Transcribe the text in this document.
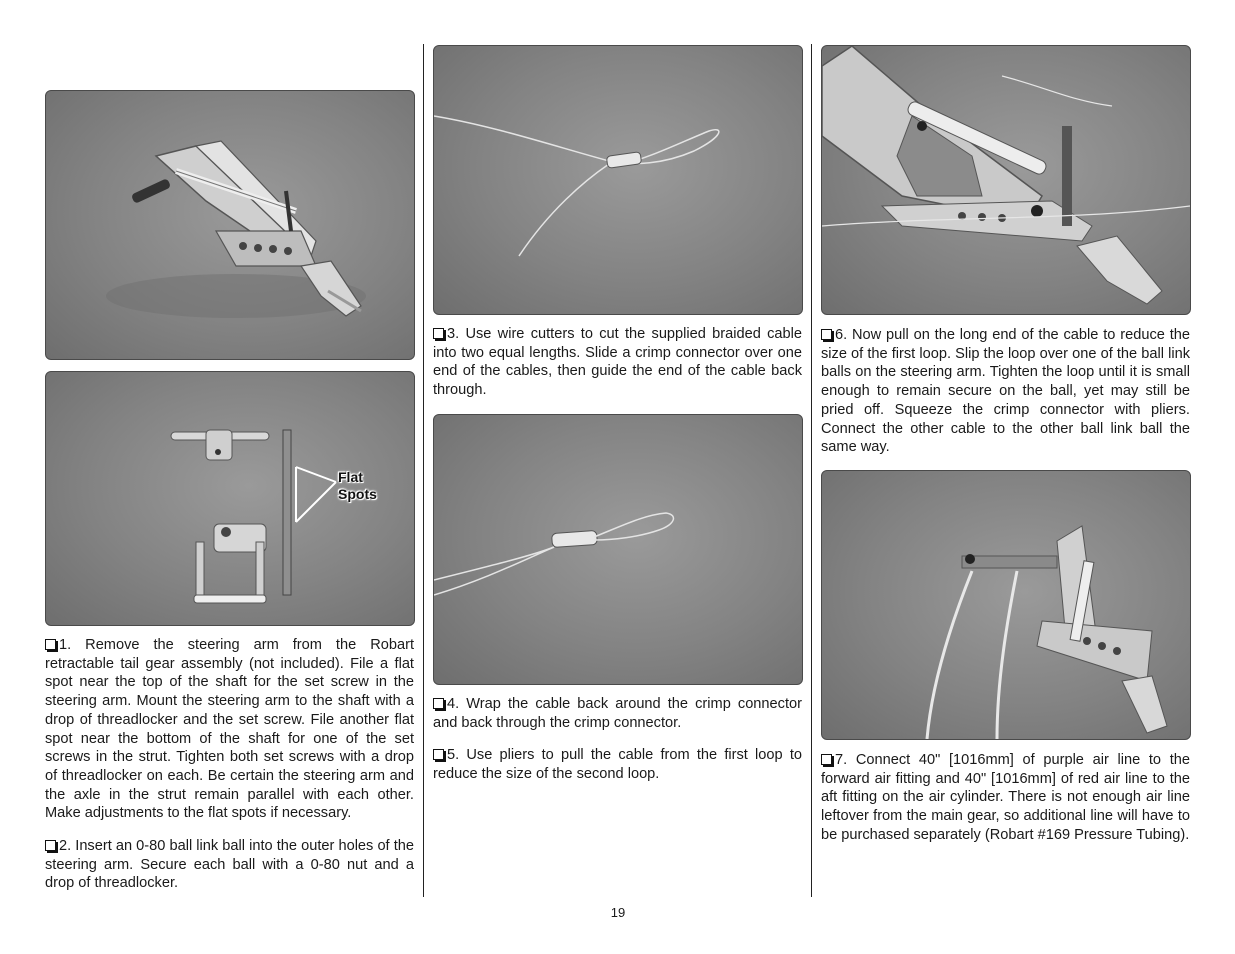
Flat
Spots

1. Remove the steering arm from the Robart retractable tail gear assembly (not included). File a flat spot near the top of the shaft for the set screw in the steering arm. Mount the steering arm to the shaft with a drop of threadlocker and the set screw. File another flat spot near the bottom of the shaft for one of the set screws in the strut. Tighten both set screws with a drop of threadlocker on each. Be certain the steering arm and the axle in the strut remain parallel with each other. Make adjustments to the flat spots if necessary.

2. Insert an 0-80 ball link ball into the outer holes of the steering arm. Secure each ball with a 0-80 nut and a drop of threadlocker.

3. Use wire cutters to cut the supplied braided cable into two equal lengths. Slide a crimp connector over one end of the cables, then guide the end of the cable back through.

4. Wrap the cable back around the crimp connector and back through the crimp connector.

5. Use pliers to pull the cable from the first loop to reduce the size of the second loop.

6. Now pull on the long end of the cable to reduce the size of the first loop. Slip the loop over one of the ball link balls on the steering arm. Tighten the loop until it is small enough to remain secure on the ball, yet may still be pried off. Squeeze the crimp connector with pliers. Connect the other cable to the other ball link ball the same way.

7. Connect 40" [1016mm] of purple air line to the forward air fitting and 40" [1016mm] of red air line to the aft fitting on the air cylinder. There is not enough air line leftover from the main gear, so additional line will have to be purchased separately (Robart #169 Pressure Tubing).

19
